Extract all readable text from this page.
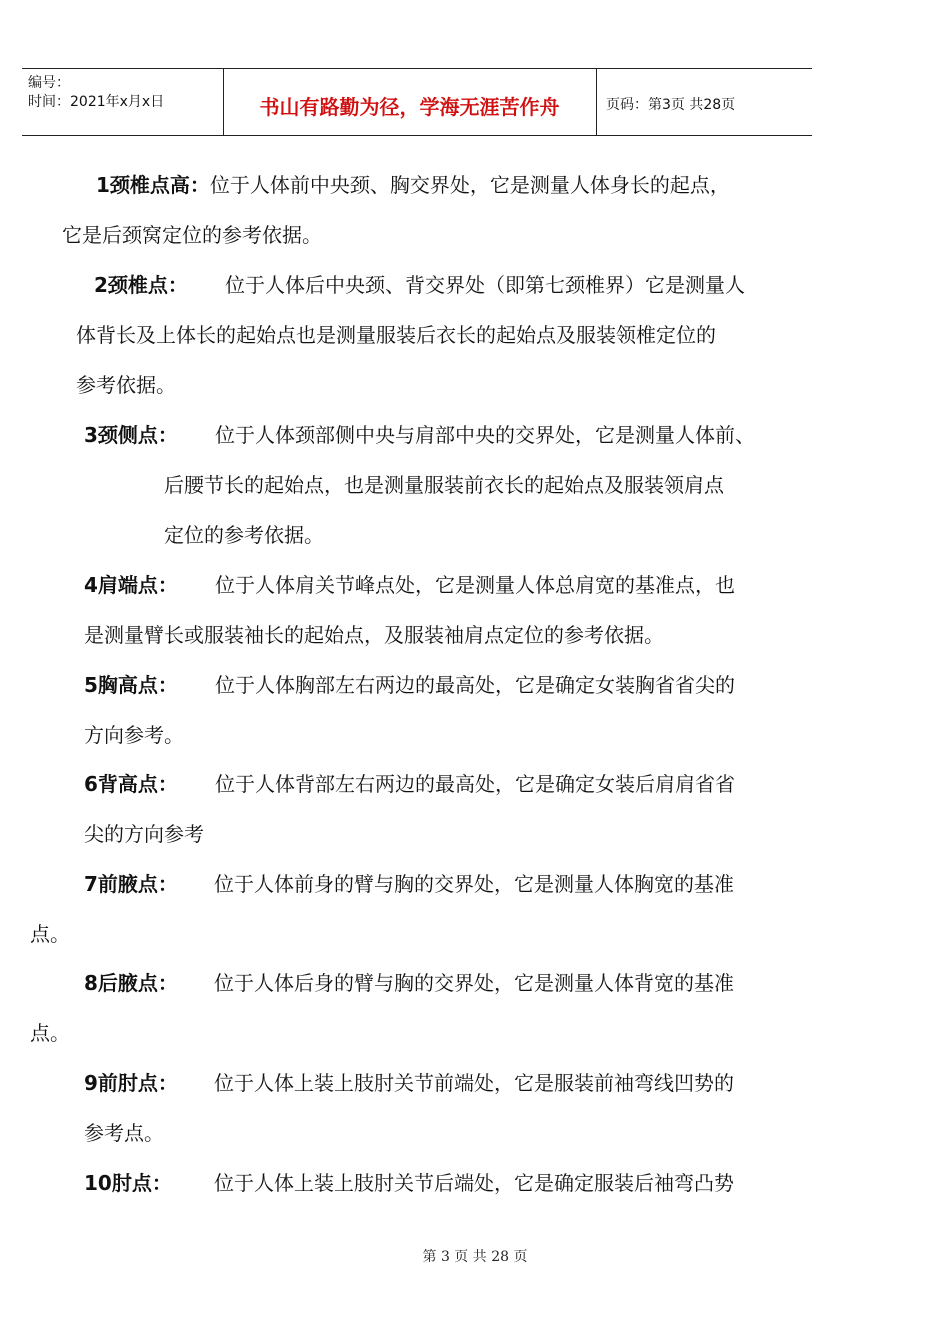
编号：
时间：2021年x月x日	书山有路勤为径，学海无涯苦作舟	页码：第3页 共28页
1颈椎点高：位于人体前中央颈、胸交界处，它是测量人体身长的起点，
它是后颈窝定位的参考依据。
2颈椎点： 位于人体后中央颈、背交界处（即第七颈椎界）它是测量人
体背长及上体长的起始点也是测量服装后衣长的起始点及服装领椎定位的
参考依据。
3颈侧点： 位于人体颈部侧中央与肩部中央的交界处，它是测量人体前、
后腰节长的起始点，也是测量服装前衣长的起始点及服装领肩点
定位的参考依据。
4肩端点： 位于人体肩关节峰点处，它是测量人体总肩宽的基准点，也
是测量臂长或服装袖长的起始点，及服装袖肩点定位的参考依据。
5胸高点： 位于人体胸部左右两边的最高处，它是确定女装胸省省尖的
方向参考。
6背高点： 位于人体背部左右两边的最高处，它是确定女装后肩肩省省
尖的方向参考
7前腋点： 位于人体前身的臂与胸的交界处，它是测量人体胸宽的基准
点。
8后腋点： 位于人体后身的臂与胸的交界处，它是测量人体背宽的基准
点。
9前肘点： 位于人体上装上肢肘关节前端处，它是服装前袖弯线凹势的
参考点。
10肘点： 位于人体上装上肢肘关节后端处，它是确定服装后袖弯凸势
第 3 页 共 28 页
